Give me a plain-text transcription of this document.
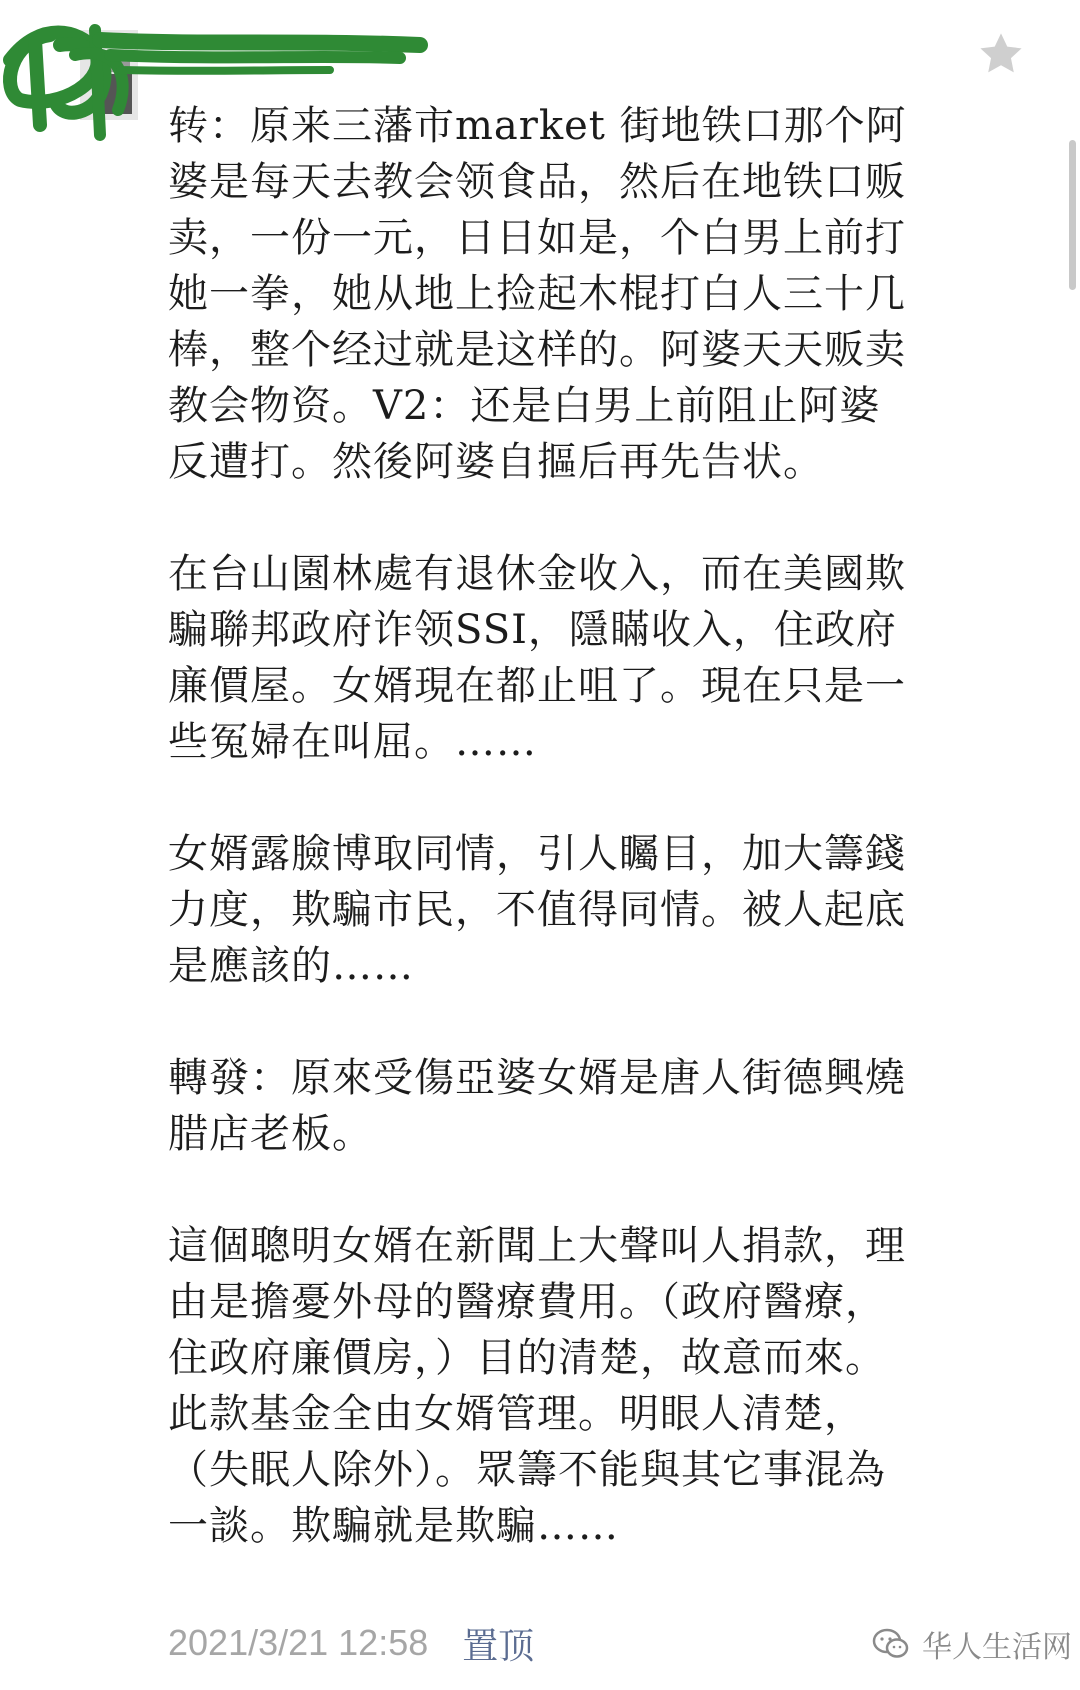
转：原来三藩市market 街地铁口那个阿婆是每天去教会领食品，然后在地铁口贩卖，一份一元，日日如是，个白男上前打她一拳，她从地上捡起木棍打白人三十几棒，整个经过就是这样的。阿婆天天贩卖教会物资。V2：还是白男上前阻止阿婆反遭打。然後阿婆自摳后再先告状。

在台山園林處有退休金收入，而在美國欺騙聯邦政府诈领SSI，隱瞞收入，住政府廉價屋。女婿現在都止咀了。現在只是一些冤婦在叫屈。……

女婿露臉博取同情，引人矚目，加大籌錢力度，欺騙市民，不值得同情。被人起底是應該的……

轉發：原來受傷亞婆女婿是唐人街德興燒腊店老板。

這個聰明女婿在新聞上大聲叫人捐款，理由是擔憂外母的醫療費用。（政府醫療，住政府廉價房，）目的清楚，故意而來。此款基金全由女婿管理。明眼人清楚，（失眠人除外）。眾籌不能與其它事混為一談。欺騙就是欺騙……

2021/3/21 12:58 置顶	华人生活网
